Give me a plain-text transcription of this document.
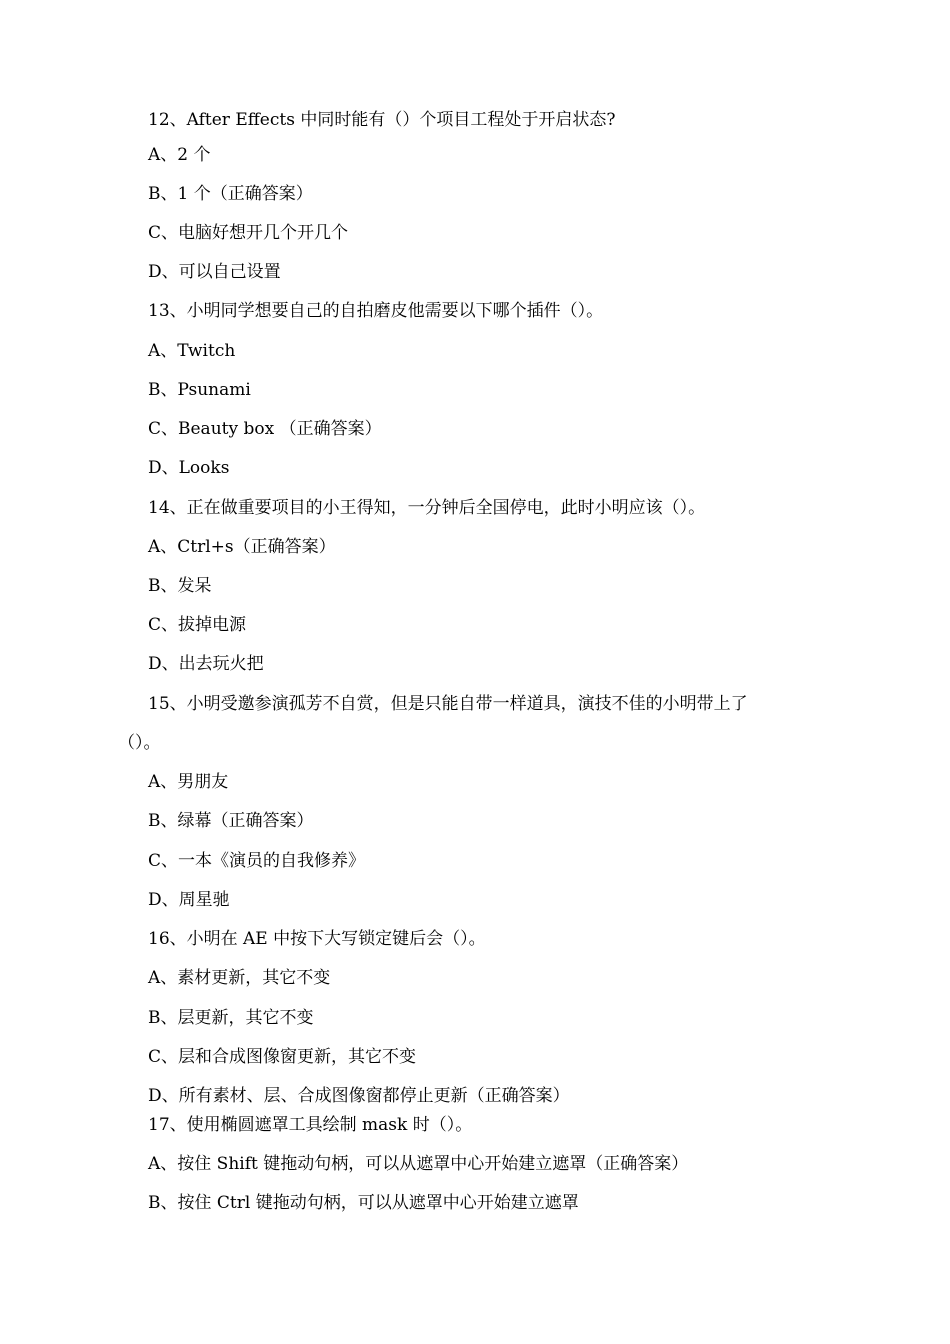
12、After Effects 中同时能有（）个项目工程处于开启状态?
A、2 个
B、1 个（正确答案）
C、电脑好想开几个开几个
D、可以自己设置
13、小明同学想要自己的自拍磨皮他需要以下哪个插件（）。
A、Twitch
B、Psunami
C、Beauty box （正确答案）
D、Looks
14、正在做重要项目的小王得知，一分钟后全国停电，此时小明应该（）。
A、Ctrl+s（正确答案）
B、发呆
C、拔掉电源
D、出去玩火把
15、小明受邀参演孤芳不自赏，但是只能自带一样道具，演技不佳的小明带上了
（）。
A、男朋友
B、绿幕（正确答案）
C、一本《演员的自我修养》
D、周星驰
16、小明在 AE 中按下大写锁定键后会（）。
A、素材更新，其它不变
B、层更新，其它不变
C、层和合成图像窗更新，其它不变
D、所有素材、层、合成图像窗都停止更新（正确答案）
17、使用椭圆遮罩工具绘制 mask 时（）。
A、按住 Shift 键拖动句柄，可以从遮罩中心开始建立遮罩（正确答案）
B、按住 Ctrl 键拖动句柄，可以从遮罩中心开始建立遮罩
